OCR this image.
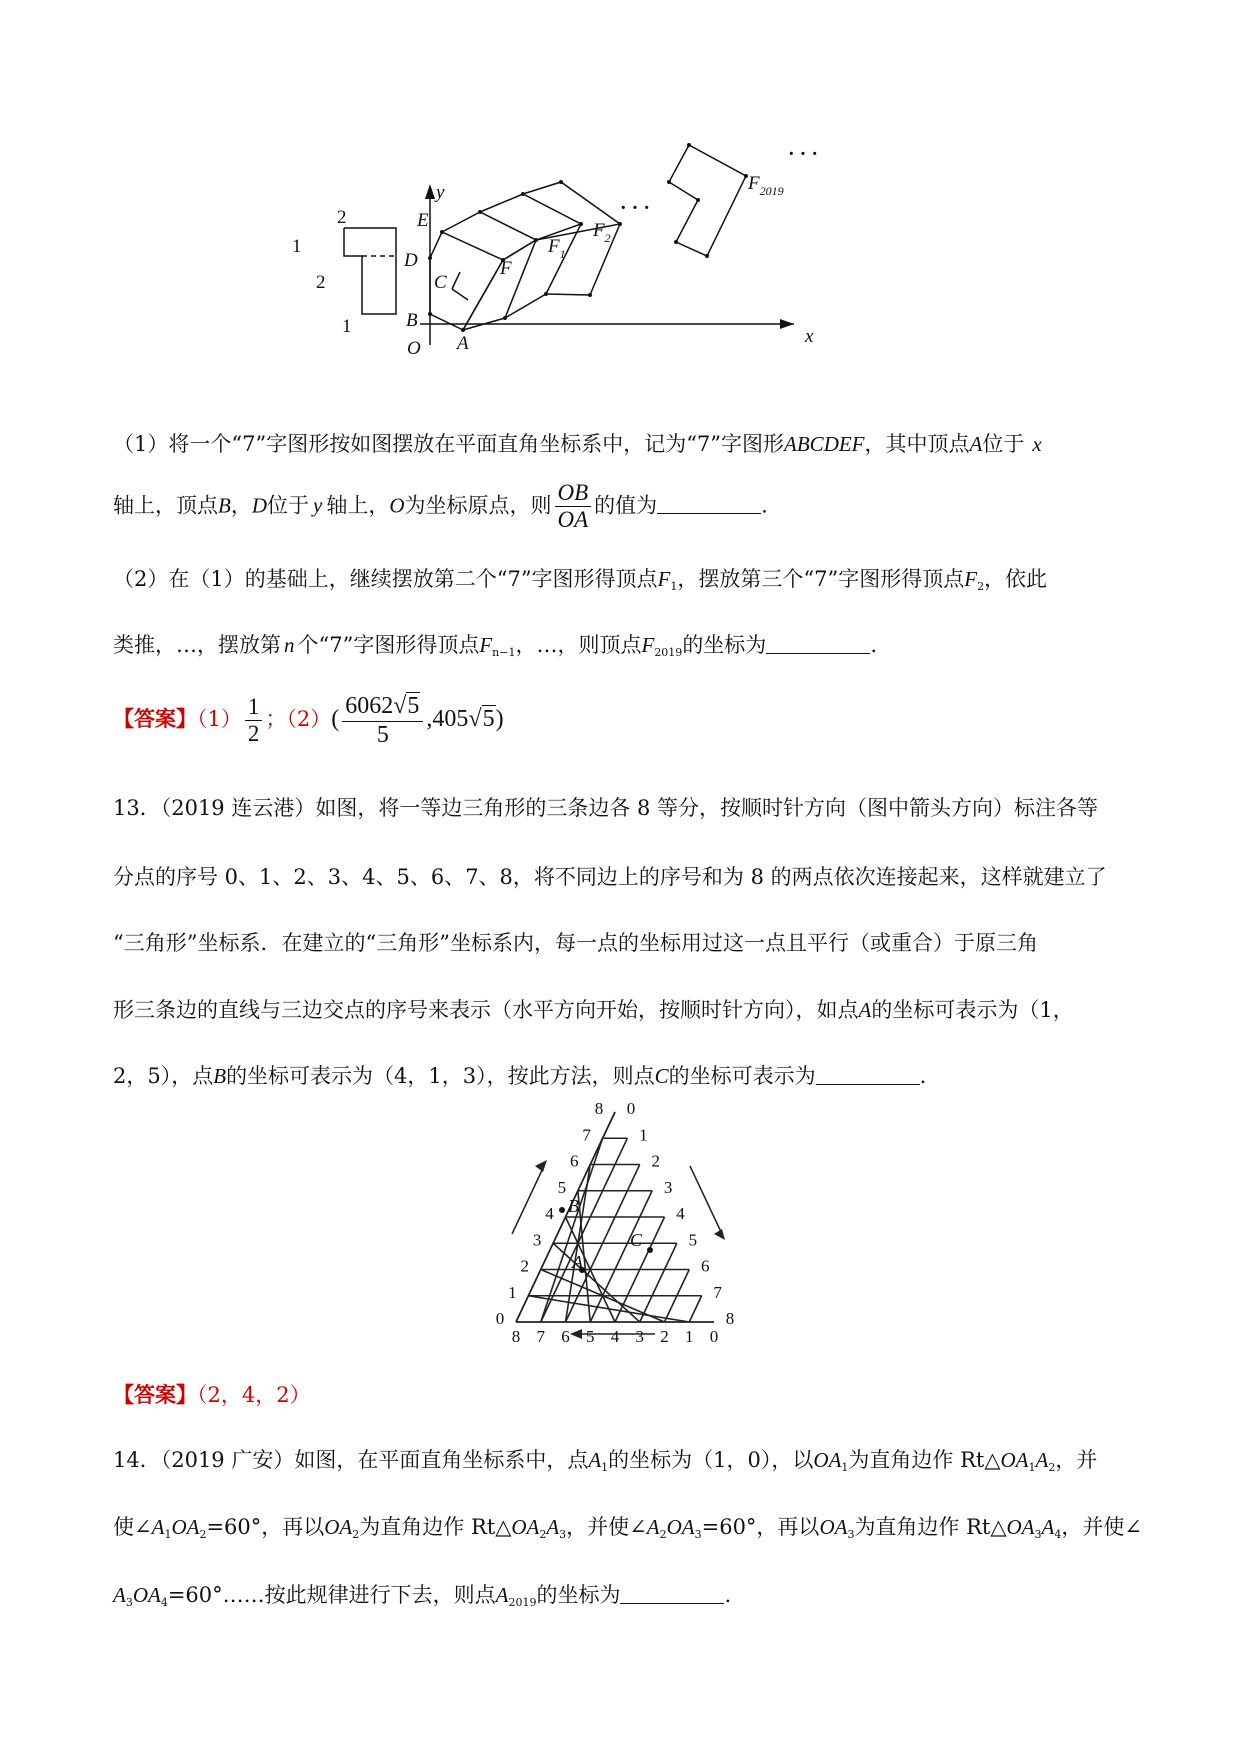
2
1
2
1
E
D
C
B
O A
F
$F_1$
$F_2$
$F_{2019}$
x
y
· · ·
· · ·
（1）将一个“7”字图形按如图摆放在平面直角坐标系中，记为“7”字图形ABCDEF，其中顶点A位于 x
轴上，顶点B，D位于 y 轴上，O为坐标原点，则 $\frac{OB}{OA}$ 的值为	.
（2）在（1）的基础上，继续摆放第二个“7”字图形得顶点$F_1$，摆放第三个“7”字图形得顶点$F_2$，依此
类推，…，摆放第 n 个“7”字图形得顶点$F_{n-1}$，…，则顶点$F_{2019}$的坐标为	.
【答案】$(1) \frac{1}{2}$ ；$(2)( \frac{6062√5}{5} ,405√5)$
13．（2019 连云港）如图，将一等边三角形的三条边各 8 等分，按顺时针方向（图中箭头方向）标注各等
分点的序号 0、1、2、3、4、5、6、7、8，将不同边上的序号和为 8 的两点依次连接起来，这样就建立了
“三角形”坐标系．在建立的“三角形”坐标系内，每一点的坐标用过这一点且平行（或重合）于原三角
形三条边的直线与三边交点的序号来表示（水平方向开始，按顺时针方向），如点A的坐标可表示为（1，
2，5），点B的坐标可表示为（4，1，3），按此方法，则点C的坐标可表示为	.
0
0
8
1
1
7
2
2
6
3
3
5
4	4
4
5
5
3
6
6
2
7
7
1
8
8
0
A
B
C
【答案】（2，4，2）
14．（2019 广安）如图，在平面直角坐标系中，点$A_1$的坐标为（1，0），以$OA_1$为直角边作 $Rt\triangle OA_1A_2$，并
使$\angle A_1OA_2=60^\circ$，再以$OA_2$为直角边作 $Rt\triangle OA_2A_3$，并使$\angle A_2OA_3=60^\circ$，再以$OA_3$为直角边作 $Rt\triangle OA_3A_4$，并使∠
$A_3OA_4=60^\circ\dots\dots$按此规律进行下去，则点$A_{2019}$的坐标为	.
